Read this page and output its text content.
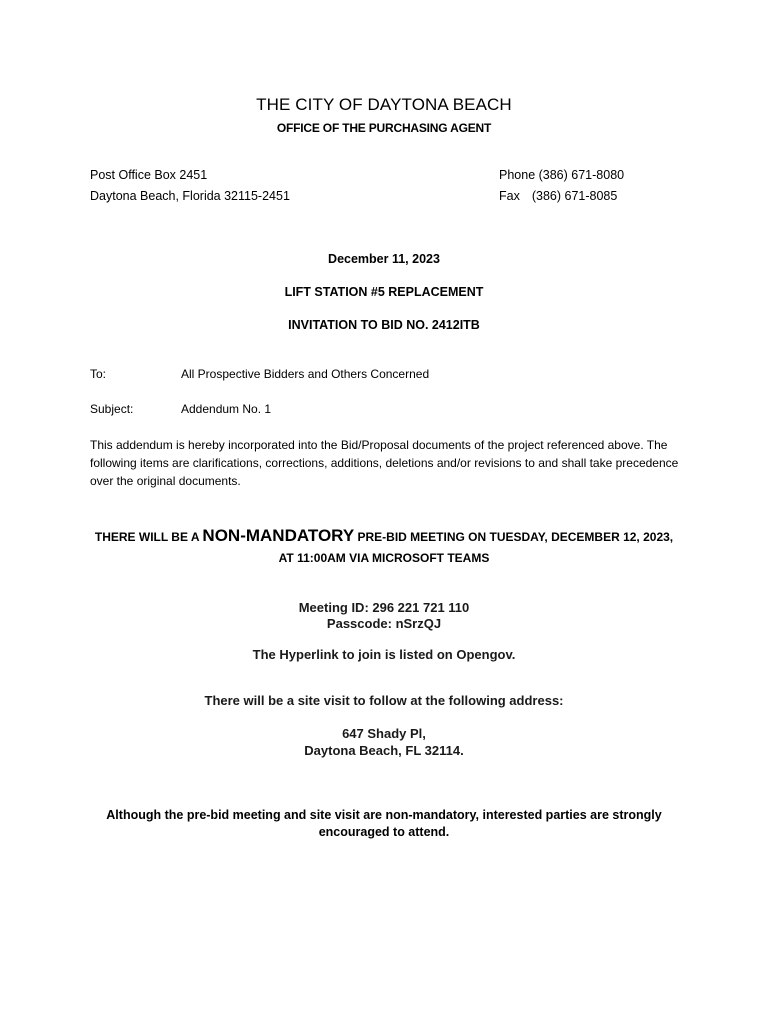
THE CITY OF DAYTONA BEACH
OFFICE OF THE PURCHASING AGENT
Post Office Box 2451
Daytona Beach, Florida 32115-2451
Phone (386) 671-8080
Fax (386) 671-8085
December 11, 2023
LIFT STATION #5 REPLACEMENT
INVITATION TO BID NO. 2412ITB
To:	All Prospective Bidders and Others Concerned
Subject:	Addendum No. 1
This addendum is hereby incorporated into the Bid/Proposal documents of the project referenced above. The following items are clarifications, corrections, additions, deletions and/or revisions to and shall take precedence over the original documents.
THERE WILL BE A NON-MANDATORY PRE-BID MEETING ON TUESDAY, DECEMBER 12, 2023,
AT 11:00AM VIA MICROSOFT TEAMS
Meeting ID: 296 221 721 110
Passcode: nSrzQJ
The Hyperlink to join is listed on Opengov.
There will be a site visit to follow at the following address:
647 Shady Pl,
Daytona Beach, FL 32114.
Although the pre-bid meeting and site visit are non-mandatory, interested parties are strongly encouraged to attend.
